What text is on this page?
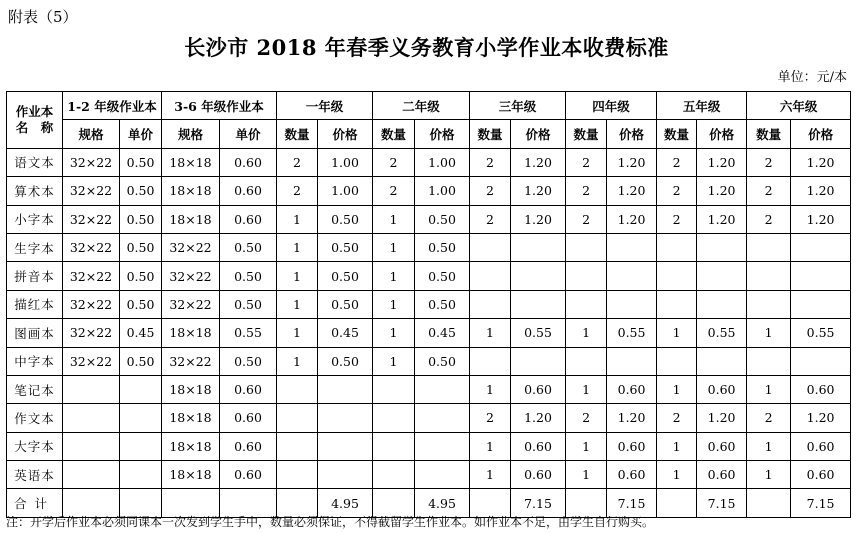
附表（5）
长沙市 2018 年春季义务教育小学作业本收费标准
单位：元/本
作业本
名　称	1-2 年级作业本		3-6 年级作业本		一年级		二年级		三年级		四年级		五年级		六年级	
	规格	单价	规格	单价	数量	价格	数量	价格	数量	价格	数量	价格	数量	价格	数量	价格
语文本	32×22	0.50	18×18	0.60	2	1.00	2	1.00	2	1.20	2	1.20	2	1.20	2	1.20
算术本	32×22	0.50	18×18	0.60	2	1.00	2	1.00	2	1.20	2	1.20	2	1.20	2	1.20
小字本	32×22	0.50	18×18	0.60	1	0.50	1	0.50	2	1.20	2	1.20	2	1.20	2	1.20
生字本	32×22	0.50	32×22	0.50	1	0.50	1	0.50								
拼音本	32×22	0.50	32×22	0.50	1	0.50	1	0.50								
描红本	32×22	0.50	32×22	0.50	1	0.50	1	0.50								
图画本	32×22	0.45	18×18	0.55	1	0.45	1	0.45	1	0.55	1	0.55	1	0.55	1	0.55
中字本	32×22	0.50	32×22	0.50	1	0.50	1	0.50								
笔记本			18×18	0.60					1	0.60	1	0.60	1	0.60	1	0.60
作文本			18×18	0.60					2	1.20	2	1.20	2	1.20	2	1.20
大字本			18×18	0.60					1	0.60	1	0.60	1	0.60	1	0.60
英语本			18×18	0.60					1	0.60	1	0.60	1	0.60	1	0.60
合计						4.95		4.95		7.15		7.15		7.15		7.15
注：开学后作业本必须同课本一次发到学生手中，数量必须保证，不得截留学生作业本。如作业本不足，由学生自行购买。
